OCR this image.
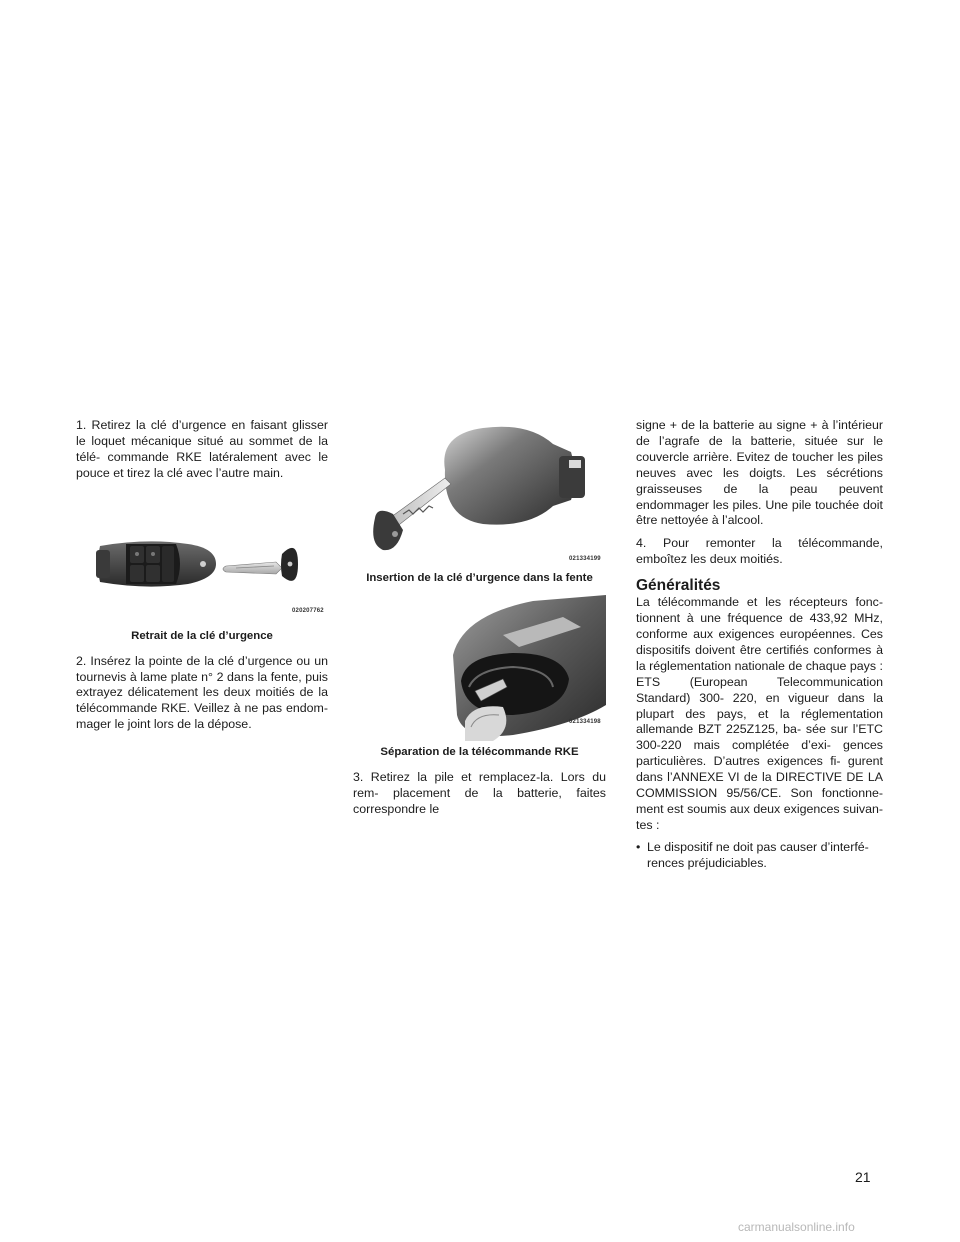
1. Retirez la clé d’urgence en faisant glisser le loquet mécanique situé au sommet de la télé- commande RKE latéralement avec le pouce et tirez la clé avec l’autre main.

020207762
Retrait de la clé d’urgence

2. Insérez la pointe de la clé d’urgence ou un tournevis à lame plate n° 2 dans la fente, puis extrayez délicatement les deux moitiés de la télécommande RKE. Veillez à ne pas endom- mager le joint lors de la dépose.

021334199
Insertion de la clé d’urgence dans la fente
021334198
Séparation de la télécommande RKE

3. Retirez la pile et remplacez-la. Lors du rem- placement de la batterie, faites correspondre le

signe + de la batterie au signe + à l’intérieur de l’agrafe de la batterie, située sur le couvercle arrière. Evitez de toucher les piles neuves avec les doigts. Les sécrétions graisseuses de la peau peuvent endommager les piles. Une pile touchée doit être nettoyée à l’alcool.

4. Pour remonter la télécommande, emboîtez les deux moitiés.

Généralités

La télécommande et les récepteurs fonc- tionnent à une fréquence de 433,92 MHz, conforme aux exigences européennes. Ces dispositifs doivent être certifiés conformes à la réglementation nationale de chaque pays : ETS (European Telecommunication Standard) 300- 220, en vigueur dans la plupart des pays, et la réglementation allemande BZT 225Z125, ba- sée sur l’ETC 300-220 mais complétée d’exi- gences particulières. D’autres exigences fi- gurent dans l’ANNEXE VI de la DIRECTIVE DE LA COMMISSION 95/56/CE. Son fonctionne- ment est soumis aux deux exigences suivan- tes :

• Le dispositif ne doit pas causer d’interfé- rences préjudiciables.
21
carmanualsonline.info
